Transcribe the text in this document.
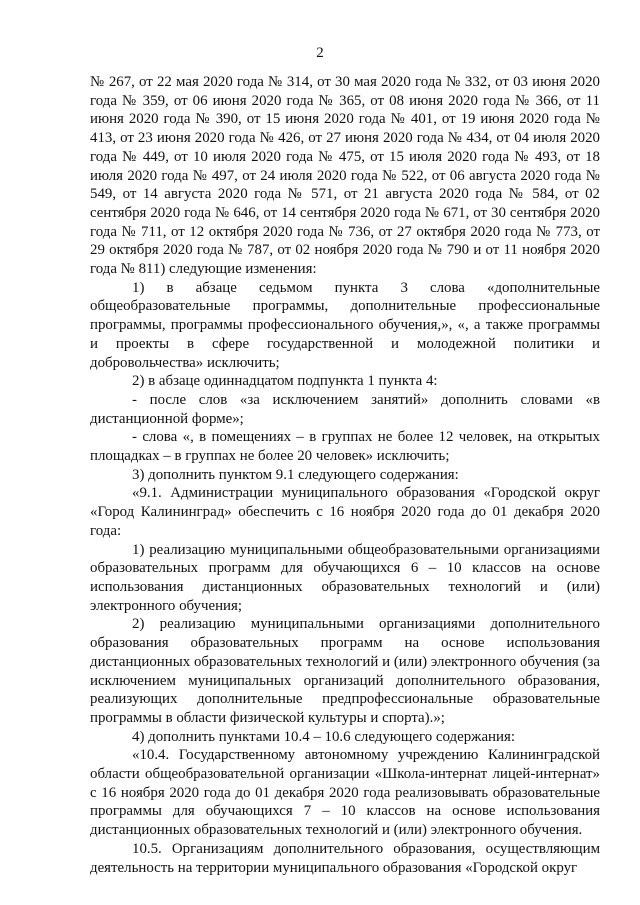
2

№ 267, от 22 мая 2020 года № 314, от 30 мая 2020 года № 332, от 03 июня 2020 года № 359, от 06 июня 2020 года № 365, от 08 июня 2020 года № 366, от 11 июня 2020 года № 390, от 15 июня 2020 года № 401, от 19 июня 2020 года № 413, от 23 июня 2020 года № 426, от 27 июня 2020 года № 434, от 04 июля 2020 года № 449, от 10 июля 2020 года № 475, от 15 июля 2020 года № 493, от 18 июля 2020 года № 497, от 24 июля 2020 года № 522, от 06 августа 2020 года № 549, от 14 августа 2020 года № 571, от 21 августа 2020 года № 584, от 02 сентября 2020 года № 646, от 14 сентября 2020 года № 671, от 30 сентября 2020 года № 711, от 12 октября 2020 года № 736, от 27 октября 2020 года № 773, от 29 октября 2020 года № 787, от 02 ноября 2020 года № 790 и от 11 ноября 2020 года № 811) следующие изменения:

1) в абзаце седьмом пункта 3 слова «дополнительные общеобразовательные программы, дополнительные профессиональные программы, программы профессионального обучения,», «, а также программы и проекты в сфере государственной и молодежной политики и добровольчества» исключить;

2) в абзаце одиннадцатом подпункта 1 пункта 4:

- после слов «за исключением занятий» дополнить словами «в дистанционной форме»;

- слова «, в помещениях – в группах не более 12 человек, на открытых площадках – в группах не более 20 человек» исключить;

3) дополнить пунктом 9.1 следующего содержания:

«9.1. Администрации муниципального образования «Городской округ «Город Калининград» обеспечить с 16 ноября 2020 года до 01 декабря 2020 года:

1) реализацию муниципальными общеобразовательными организациями образовательных программ для обучающихся 6 – 10 классов на основе использования дистанционных образовательных технологий и (или) электронного обучения;

2) реализацию муниципальными организациями дополнительного образования образовательных программ на основе использования дистанционных образовательных технологий и (или) электронного обучения (за исключением муниципальных организаций дополнительного образования, реализующих дополнительные предпрофессиональные образовательные программы в области физической культуры и спорта).»;

4) дополнить пунктами 10.4 – 10.6 следующего содержания:

«10.4. Государственному автономному учреждению Калининградской области общеобразовательной организации «Школа-интернат лицей-интернат» с 16 ноября 2020 года до 01 декабря 2020 года реализовывать образовательные программы для обучающихся 7 – 10 классов на основе использования дистанционных образовательных технологий и (или) электронного обучения.

10.5. Организациям дополнительного образования, осуществляющим деятельность на территории муниципального образования «Городской округ
